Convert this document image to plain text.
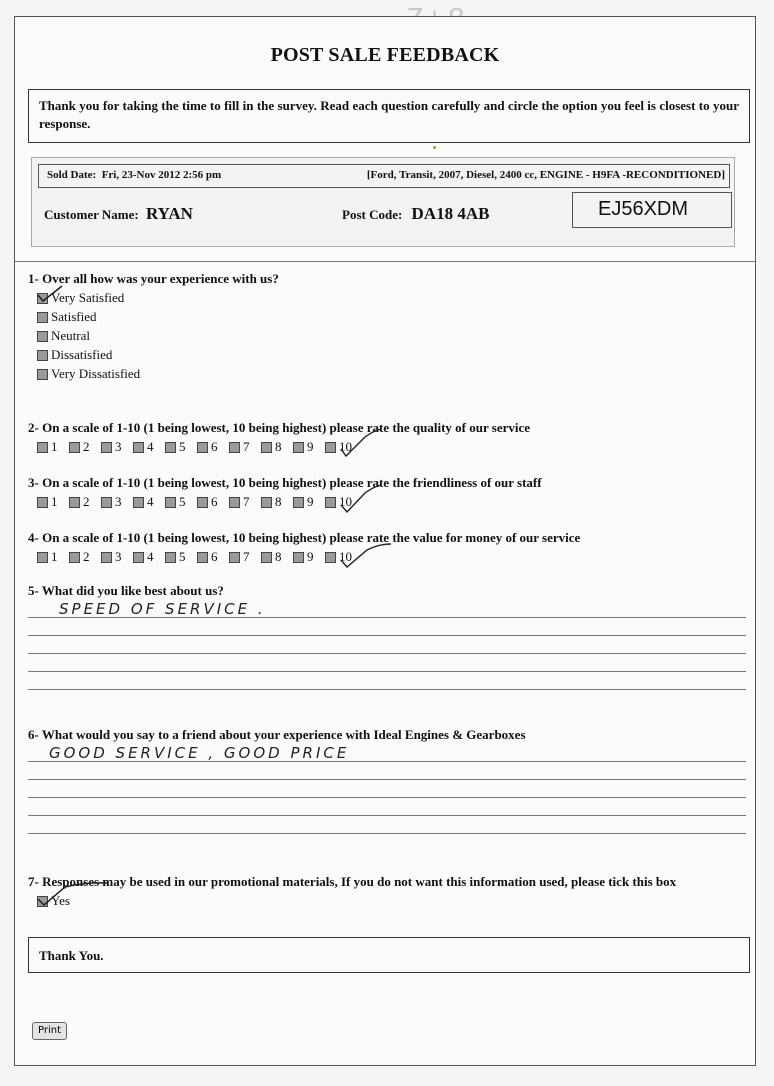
POST SALE FEEDBACK
Thank you for taking the time to fill in the survey. Read each question carefully and circle the option you feel is closest to your response.
Sold Date: Fri, 23-Nov 2012 2:56 pm	[Ford, Transit, 2007, Diesel, 2400 cc, ENGINE - H9FA -RECONDITIONED]
Customer Name: RYAN	Post Code: DA18 4AB	EJ56XDM
1- Over all how was your experience with us?
Very Satisfied
Satisfied
Neutral
Dissatisfied
Very Dissatisfied
2- On a scale of 1-10 (1 being lowest, 10 being highest) please rate the quality of our service
1 2 3 4 5 6 7 8 9 10
3- On a scale of 1-10 (1 being lowest, 10 being highest) please rate the friendliness of our staff
1 2 3 4 5 6 7 8 9 10
4- On a scale of 1-10 (1 being lowest, 10 being highest) please rate the value for money of our service
1 2 3 4 5 6 7 8 9 10
5- What did you like best about us?
SPEED OF SERVICE .
6- What would you say to a friend about your experience with Ideal Engines & Gearboxes
GOOD SERVICE , GOOD PRICE
7- Responses may be used in our promotional materials, If you do not want this information used, please tick this box
Yes
Thank You.
Print
